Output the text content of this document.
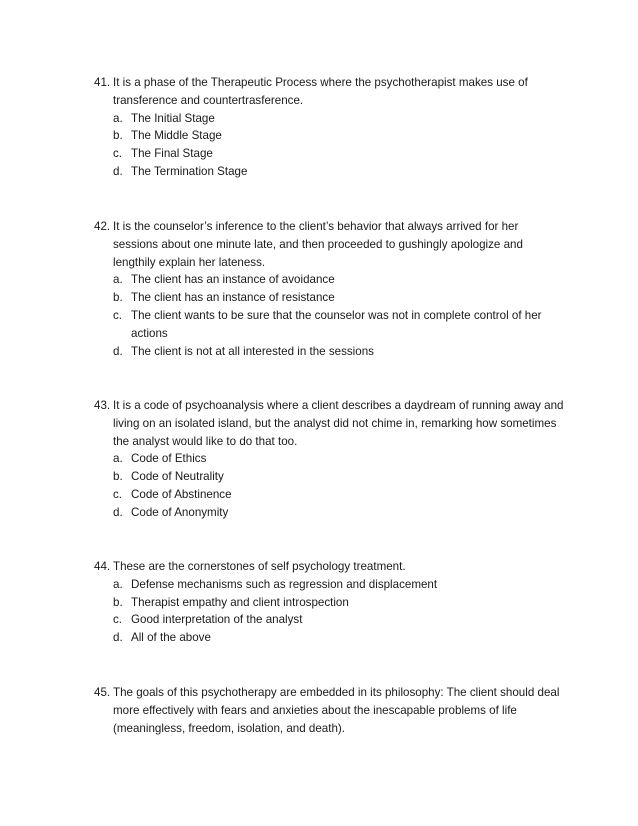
41. It is a phase of the Therapeutic Process where the psychotherapist makes use of
transference and countertrasference.
a. The Initial Stage
b. The Middle Stage
c. The Final Stage
d. The Termination Stage
42. It is the counselor’s inference to the client’s behavior that always arrived for her
sessions about one minute late, and then proceeded to gushingly apologize and
lengthily explain her lateness.
a. The client has an instance of avoidance
b. The client has an instance of resistance
c. The client wants to be sure that the counselor was not in complete control of her
actions
d. The client is not at all interested in the sessions
43. It is a code of psychoanalysis where a client describes a daydream of running away and
living on an isolated island, but the analyst did not chime in, remarking how sometimes
the analyst would like to do that too.
a. Code of Ethics
b. Code of Neutrality
c. Code of Abstinence
d. Code of Anonymity
44. These are the cornerstones of self psychology treatment.
a. Defense mechanisms such as regression and displacement
b. Therapist empathy and client introspection
c. Good interpretation of the analyst
d. All of the above
45. The goals of this psychotherapy are embedded in its philosophy: The client should deal
more effectively with fears and anxieties about the inescapable problems of life
(meaningless, freedom, isolation, and death).
